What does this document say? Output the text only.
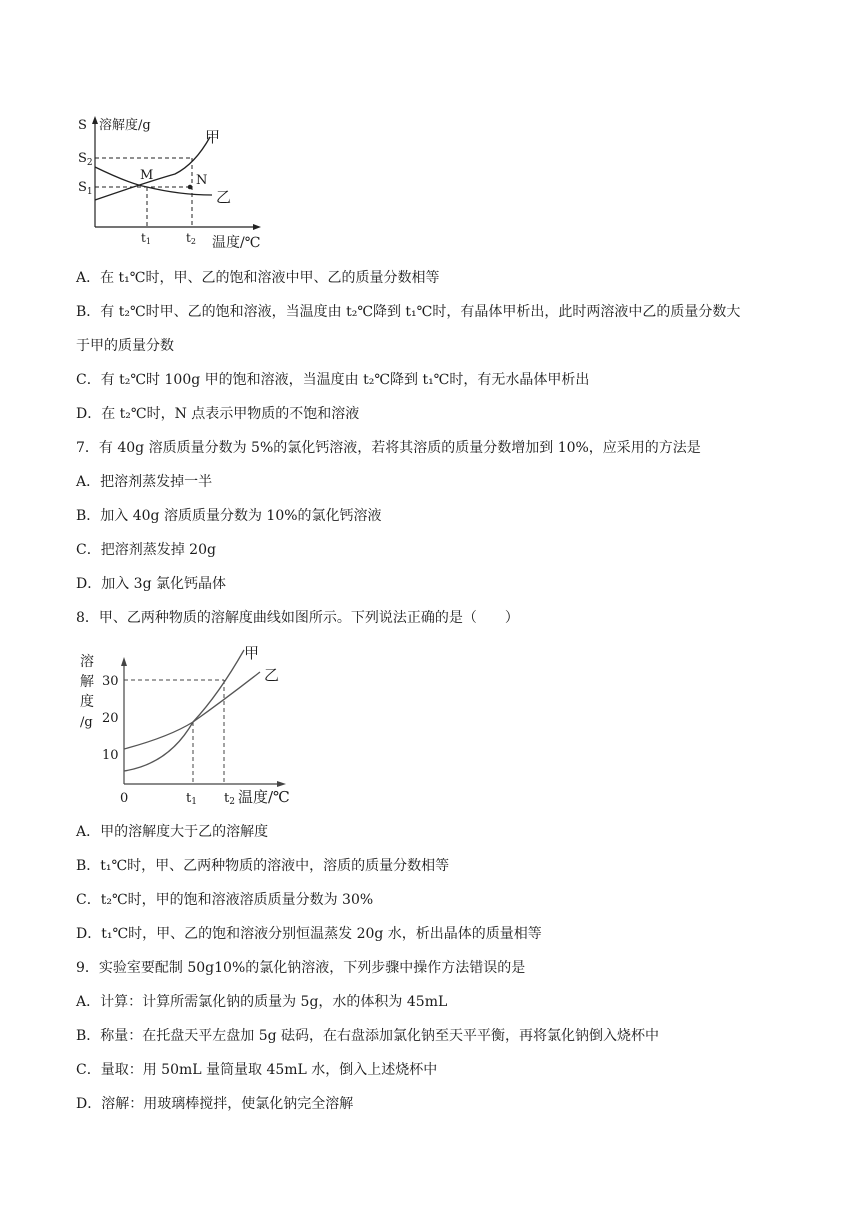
S 溶解度/g
$S_2$
$S_1$
甲
乙
M	N
t1	t2 温度/℃
A．在 t₁℃时，甲、乙的饱和溶液中甲、乙的质量分数相等
B．有 t₂℃时甲、乙的饱和溶液，当温度由 t₂℃降到 t₁℃时，有晶体甲析出，此时两溶液中乙的质量分数大
于甲的质量分数
C．有 t₂℃时 100g 甲的饱和溶液，当温度由 t₂℃降到 t₁℃时，有无水晶体甲析出
D．在 t₂℃时，N 点表示甲物质的不饱和溶液
7．有 40g 溶质质量分数为 5%的氯化钙溶液，若将其溶质的质量分数增加到 10%，应采用的方法是
A．把溶剂蒸发掉一半
B．加入 40g 溶质质量分数为 10%的氯化钙溶液
C．把溶剂蒸发掉 20g
D．加入 3g 氯化钙晶体
8．甲、乙两种物质的溶解度曲线如图所示。下列说法正确的是（　　）
30
20
10
0	t1 t2 温度/℃
溶
解
度
/g
甲
乙
A．甲的溶解度大于乙的溶解度
B．t₁℃时，甲、乙两种物质的溶液中，溶质的质量分数相等
C．t₂℃时，甲的饱和溶液溶质质量分数为 30%
D．t₁℃时，甲、乙的饱和溶液分别恒温蒸发 20g 水，析出晶体的质量相等
9．实验室要配制 50g10%的氯化钠溶液，下列步骤中操作方法错误的是
A．计算：计算所需氯化钠的质量为 5g，水的体积为 45mL
B．称量：在托盘天平左盘加 5g 砝码，在右盘添加氯化钠至天平平衡，再将氯化钠倒入烧杯中
C．量取：用 50mL 量筒量取 45mL 水，倒入上述烧杯中
D．溶解：用玻璃棒搅拌，使氯化钠完全溶解
